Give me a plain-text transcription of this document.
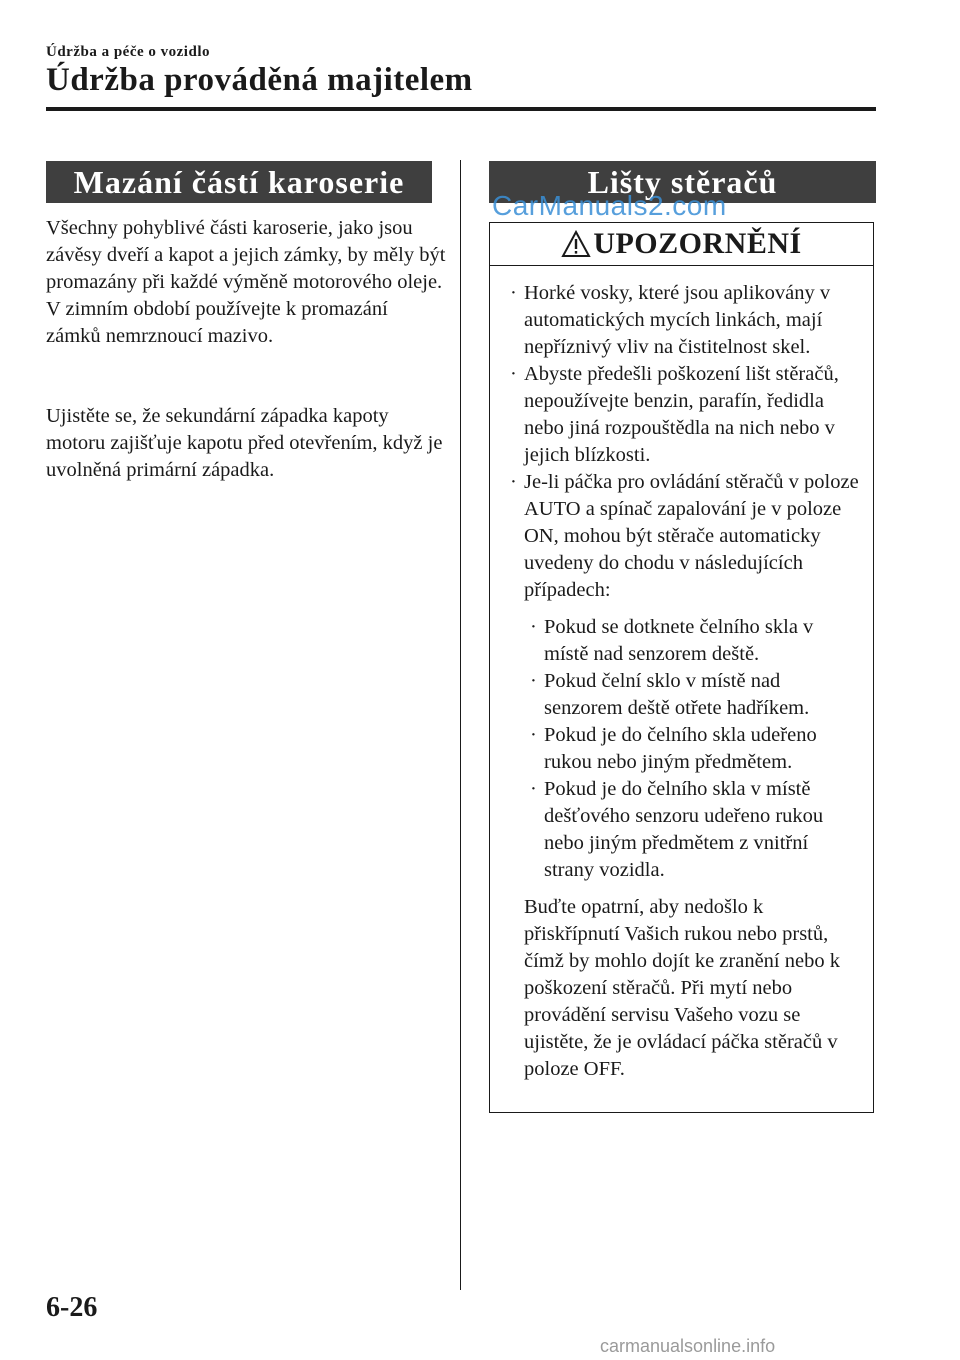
Údržba a péče o vozidlo
Údržba prováděná majitelem
Mazání částí karoserie

Všechny pohyblivé části karoserie, jako jsou závěsy dveří a kapot a jejich zámky, by měly být promazány při každé výměně motorového oleje. V zimním období používejte k promazání zámků nemrznoucí mazivo.

Ujistěte se, že sekundární západka kapoty motoru zajišťuje kapotu před otevřením, když je uvolněná primární západka.

Lišty stěračů
CarManuals2.com
UPOZORNĚNÍ
· Horké vosky, které jsou aplikovány v automatických mycích linkách, mají nepříznivý vliv na čistitelnost skel.
· Abyste předešli poškození lišt stěračů, nepoužívejte benzin, parafín, ředidla nebo jiná rozpouštědla na nich nebo v jejich blízkosti.
· Je-li páčka pro ovládání stěračů v poloze AUTO a spínač zapalování je v poloze ON, mohou být stěrače automaticky uvedeny do chodu v následujících případech:
· Pokud se dotknete čelního skla v místě nad senzorem deště.
· Pokud čelní sklo v místě nad senzorem deště otřete hadříkem.
· Pokud je do čelního skla udeřeno rukou nebo jiným předmětem.
· Pokud je do čelního skla v místě dešťového senzoru udeřeno rukou nebo jiným předmětem z vnitřní strany vozidla.
Buďte opatrní, aby nedošlo k přiskřípnutí Vašich rukou nebo prstů, čímž by mohlo dojít ke zranění nebo k poškození stěračů. Při mytí nebo provádění servisu Vašeho vozu se ujistěte, že je ovládací páčka stěračů v poloze OFF.
6-26
carmanualsonline.info
